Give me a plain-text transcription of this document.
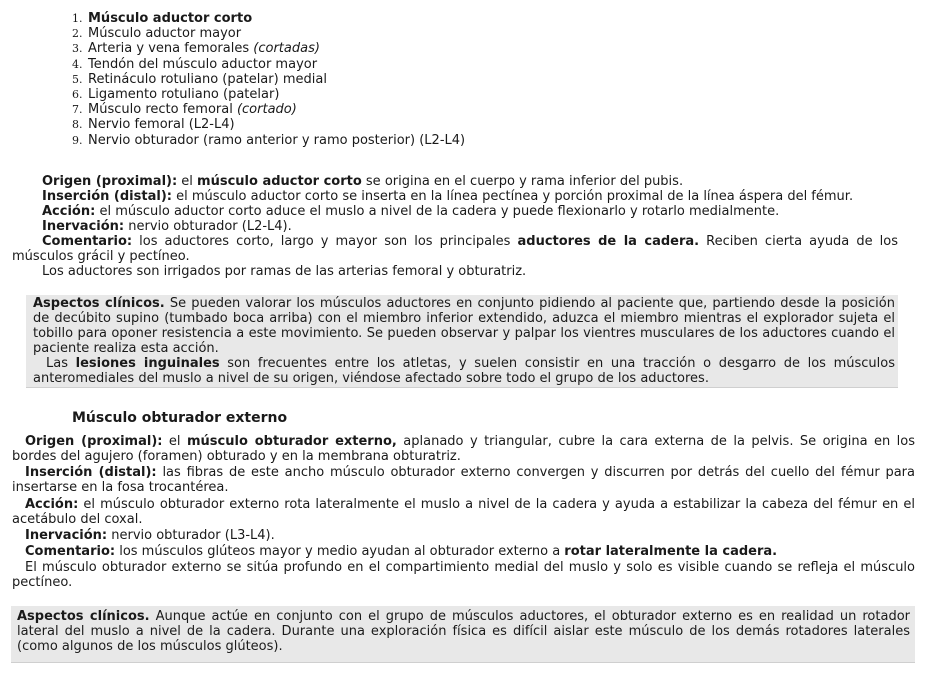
1. Músculo aductor corto
2. Músculo aductor mayor
3. Arteria y vena femorales (cortadas)
4. Tendón del músculo aductor mayor
5. Retináculo rotuliano (patelar) medial
6. Ligamento rotuliano (patelar)
7. Músculo recto femoral (cortado)
8. Nervio femoral (L2-L4)
9. Nervio obturador (ramo anterior y ramo posterior) (L2-L4)

Origen (proximal): el músculo aductor corto se origina en el cuerpo y rama inferior del pubis.

Inserción (distal): el músculo aductor corto se inserta en la línea pectínea y porción proximal de la línea áspera del fémur.

Acción: el músculo aductor corto aduce el muslo a nivel de la cadera y puede flexionarlo y rotarlo medialmente.

Inervación: nervio obturador (L2-L4).

Comentario: los aductores corto, largo y mayor son los principales aductores de la cadera. Reciben cierta ayuda de los músculos grácil y pectíneo.

Los aductores son irrigados por ramas de las arterias femoral y obturatriz.

Aspectos clínicos. Se pueden valorar los músculos aductores en conjunto pidiendo al paciente que, partiendo desde la posición de decúbito supino (tumbado boca arriba) con el miembro inferior extendido, aduzca el miembro mientras el explorador sujeta el tobillo para oponer resistencia a este movimiento. Se pueden observar y palpar los vientres musculares de los aductores cuando el paciente realiza esta acción.

Las lesiones inguinales son frecuentes entre los atletas, y suelen consistir en una tracción o desgarro de los músculos anteromediales del muslo a nivel de su origen, viéndose afectado sobre todo el grupo de los aductores.

Músculo obturador externo

Origen (proximal): el músculo obturador externo, aplanado y triangular, cubre la cara externa de la pelvis. Se origina en los bordes del agujero (foramen) obturado y en la membrana obturatriz.

Inserción (distal): las fibras de este ancho músculo obturador externo convergen y discurren por detrás del cuello del fémur para insertarse en la fosa trocantérea.

Acción: el músculo obturador externo rota lateralmente el muslo a nivel de la cadera y ayuda a estabilizar la cabeza del fémur en el acetábulo del coxal.

Inervación: nervio obturador (L3-L4).

Comentario: los músculos glúteos mayor y medio ayudan al obturador externo a rotar lateralmente la cadera.

El músculo obturador externo se sitúa profundo en el compartimiento medial del muslo y solo es visible cuando se refleja el músculo pectíneo.

Aspectos clínicos. Aunque actúe en conjunto con el grupo de músculos aductores, el obturador externo es en realidad un rotador lateral del muslo a nivel de la cadera. Durante una exploración física es difícil aislar este músculo de los demás rotadores laterales (como algunos de los músculos glúteos).
